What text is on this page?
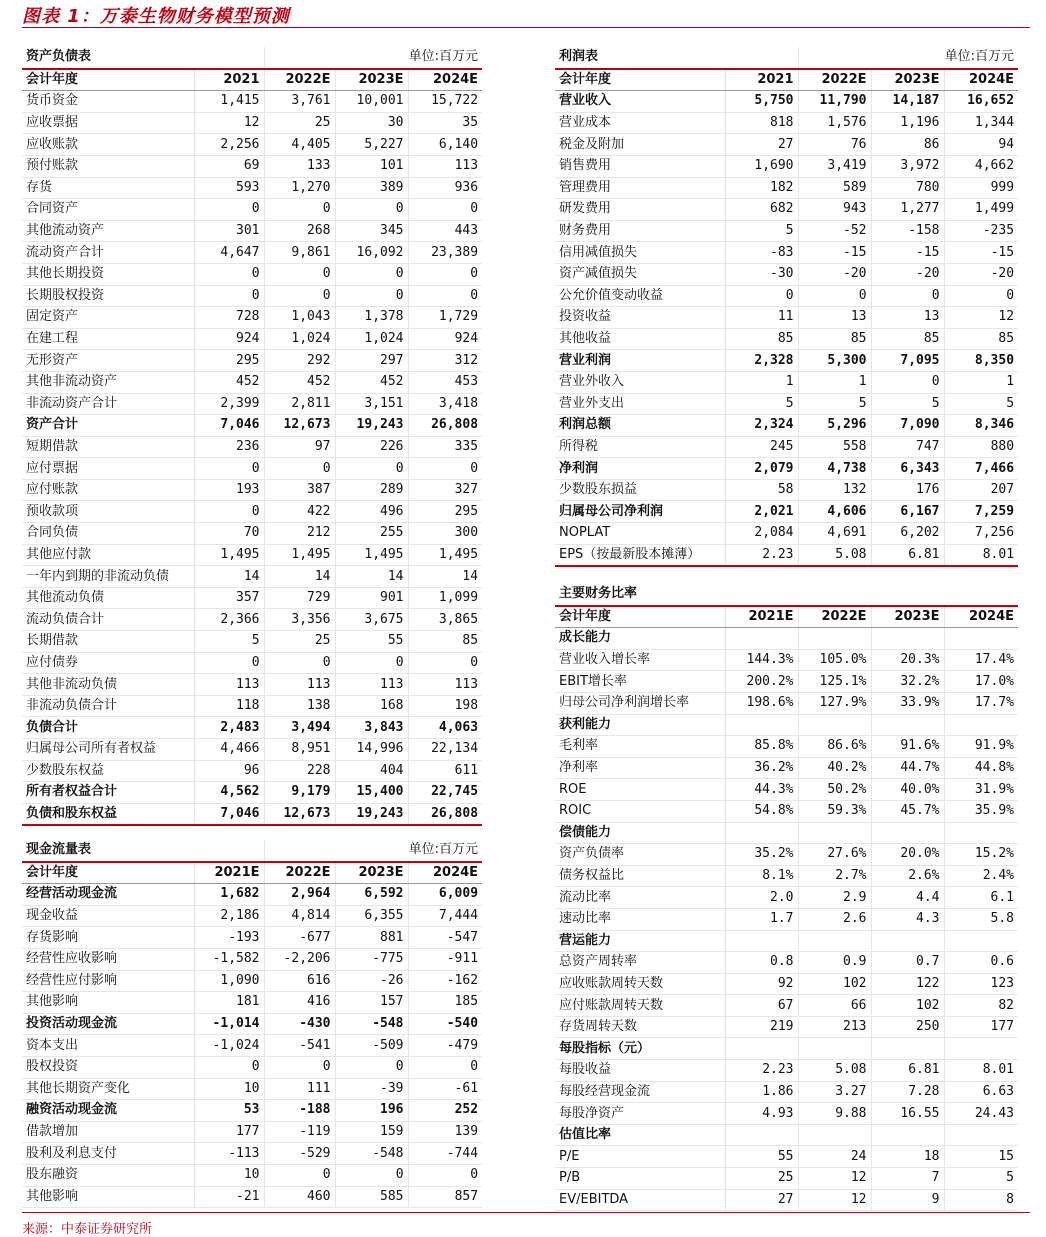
图表 1：万泰生物财务模型预测
资产负债表		单位:百万元		
会计年度	2021	2022E	2023E	2024E
货币资金	1,415	3,761	10,001	15,722
应收票据	12	25	30	35
应收账款	2,256	4,405	5,227	6,140
预付账款	69	133	101	113
存货	593	1,270	389	936
合同资产	0	0	0	0
其他流动资产	301	268	345	443
流动资产合计	4,647	9,861	16,092	23,389
其他长期投资	0	0	0	0
长期股权投资	0	0	0	0
固定资产	728	1,043	1,378	1,729
在建工程	924	1,024	1,024	924
无形资产	295	292	297	312
其他非流动资产	452	452	452	453
非流动资产合计	2,399	2,811	3,151	3,418
资产合计	7,046	12,673	19,243	26,808
短期借款	236	97	226	335
应付票据	0	0	0	0
应付账款	193	387	289	327
预收款项	0	422	496	295
合同负债	70	212	255	300
其他应付款	1,495	1,495	1,495	1,495
一年内到期的非流动负债	14	14	14	14
其他流动负债	357	729	901	1,099
流动负债合计	2,366	3,356	3,675	3,865
长期借款	5	25	55	85
应付债券	0	0	0	0
其他非流动负债	113	113	113	113
非流动负债合计	118	138	168	198
负债合计	2,483	3,494	3,843	4,063
归属母公司所有者权益	4,466	8,951	14,996	22,134
少数股东权益	96	228	404	611
所有者权益合计	4,562	9,179	15,400	22,745
负债和股东权益	7,046	12,673	19,243	26,808
现金流量表		单位:百万元		
会计年度	2021E	2022E	2023E	2024E
经营活动现金流	1,682	2,964	6,592	6,009
现金收益	2,186	4,814	6,355	7,444
存货影响	-193	-677	881	-547
经营性应收影响	-1,582	-2,206	-775	-911
经营性应付影响	1,090	616	-26	-162
其他影响	181	416	157	185
投资活动现金流	-1,014	-430	-548	-540
资本支出	-1,024	-541	-509	-479
股权投资	0	0	0	0
其他长期资产变化	10	111	-39	-61
融资活动现金流	53	-188	196	252
借款增加	177	-119	159	139
股利及利息支付	-113	-529	-548	-744
股东融资	10	0	0	0
其他影响	-21	460	585	857
利润表		单位:百万元		
会计年度	2021	2022E	2023E	2024E
营业收入	5,750	11,790	14,187	16,652
营业成本	818	1,576	1,196	1,344
税金及附加	27	76	86	94
销售费用	1,690	3,419	3,972	4,662
管理费用	182	589	780	999
研发费用	682	943	1,277	1,499
财务费用	5	-52	-158	-235
信用减值损失	-83	-15	-15	-15
资产减值损失	-30	-20	-20	-20
公允价值变动收益	0	0	0	0
投资收益	11	13	13	12
其他收益	85	85	85	85
营业利润	2,328	5,300	7,095	8,350
营业外收入	1	1	0	1
营业外支出	5	5	5	5
利润总额	2,324	5,296	7,090	8,346
所得税	245	558	747	880
净利润	2,079	4,738	6,343	7,466
少数股东损益	58	132	176	207
归属母公司净利润	2,021	4,606	6,167	7,259
NOPLAT	2,084	4,691	6,202	7,256
EPS（按最新股本摊薄）	2.23	5.08	6.81	8.01
主要财务比率				
会计年度	2021E	2022E	2023E	2024E
成长能力				
营业收入增长率	144.3%	105.0%	20.3%	17.4%
EBIT增长率	200.2%	125.1%	32.2%	17.0%
归母公司净利润增长率	198.6%	127.9%	33.9%	17.7%
获利能力				
毛利率	85.8%	86.6%	91.6%	91.9%
净利率	36.2%	40.2%	44.7%	44.8%
ROE	44.3%	50.2%	40.0%	31.9%
ROIC	54.8%	59.3%	45.7%	35.9%
偿债能力				
资产负债率	35.2%	27.6%	20.0%	15.2%
债务权益比	8.1%	2.7%	2.6%	2.4%
流动比率	2.0	2.9	4.4	6.1
速动比率	1.7	2.6	4.3	5.8
营运能力				
总资产周转率	0.8	0.9	0.7	0.6
应收账款周转天数	92	102	122	123
应付账款周转天数	67	66	102	82
存货周转天数	219	213	250	177
每股指标（元）				
每股收益	2.23	5.08	6.81	8.01
每股经营现金流	1.86	3.27	7.28	6.63
每股净资产	4.93	9.88	16.55	24.43
估值比率				
P/E	55	24	18	15
P/B	25	12	7	5
EV/EBITDA	27	12	9	8
来源：中泰证券研究所
